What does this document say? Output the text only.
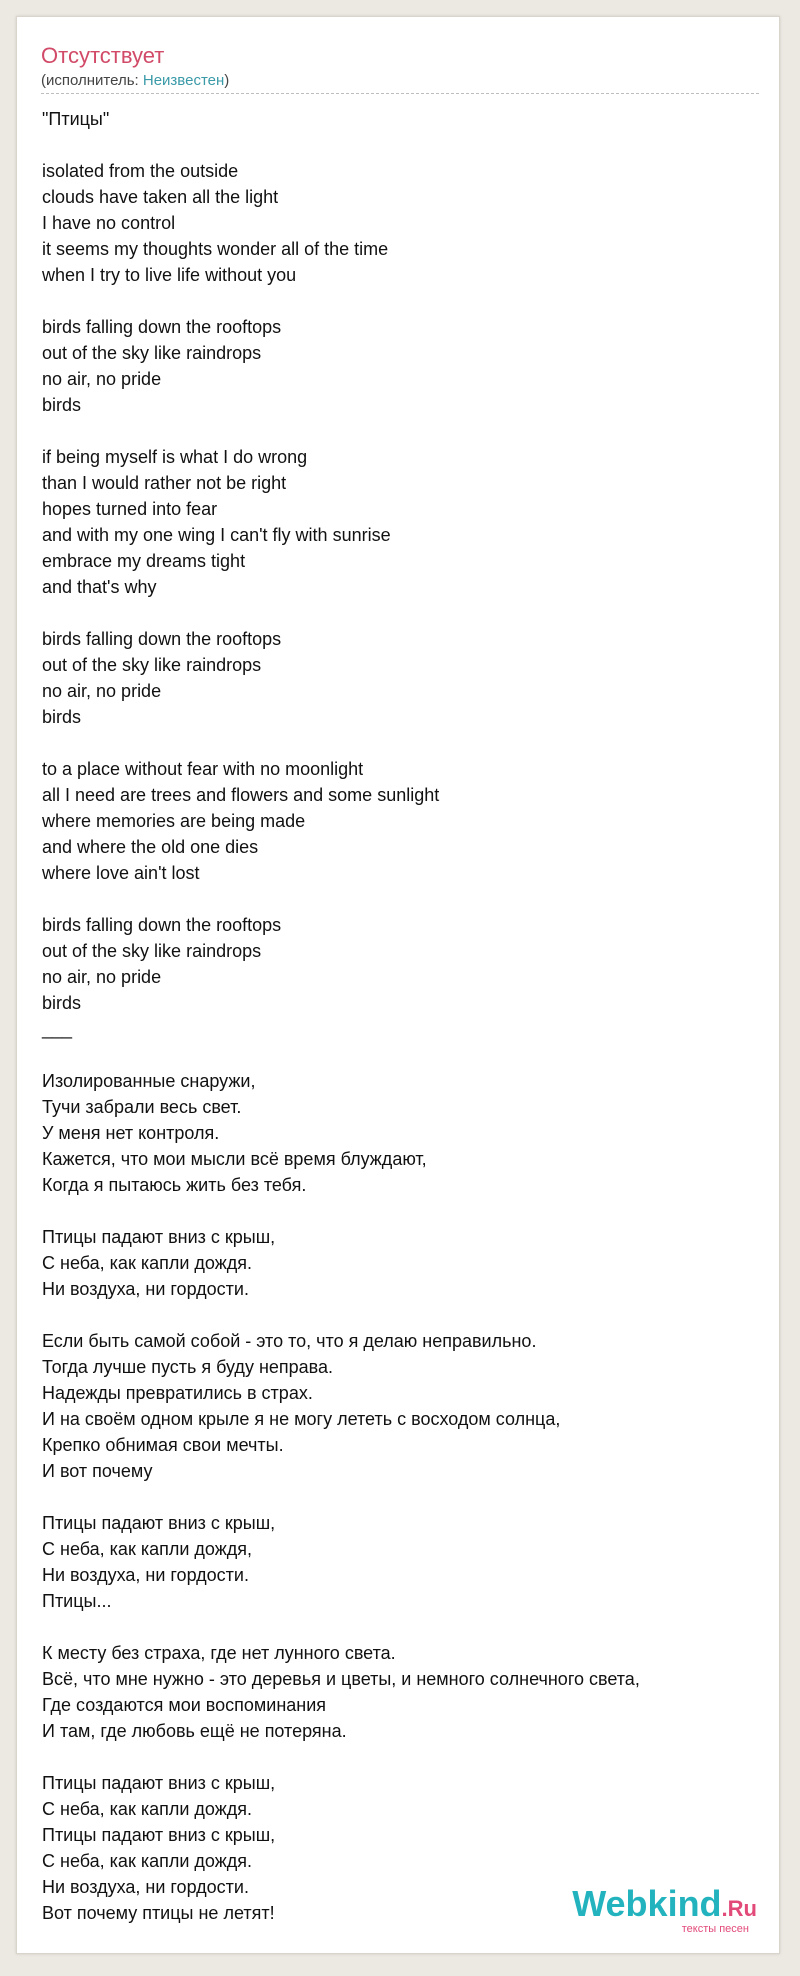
Отсутствует
(исполнитель: Неизвестен)
"Птицы"
isolated from the outside
clouds have taken all the light
I have no control
it seems my thoughts wonder all of the time
when I try to live life without you
birds falling down the rooftops
out of the sky like raindrops
no air, no pride
birds
if being myself is what I do wrong
than I would rather not be right
hopes turned into fear
and with my one wing I can't fly with sunrise
embrace my dreams tight
and that's why
birds falling down the rooftops
out of the sky like raindrops
no air, no pride
birds
to a place without fear with no moonlight
all I need are trees and flowers and some sunlight
where memories are being made
and where the old one dies
where love ain't lost
birds falling down the rooftops
out of the sky like raindrops
no air, no pride
birds
___
Изолированные снаружи,
Тучи забрали весь свет.
У меня нет контроля.
Кажется, что мои мысли всё время блуждают,
Когда я пытаюсь жить без тебя.
Птицы падают вниз с крыш,
С неба, как капли дождя.
Ни воздуха, ни гордости.
Если быть самой собой - это то, что я делаю неправильно.
Тогда лучше пусть я буду неправа.
Надежды превратились в страх.
И на своём одном крыле я не могу лететь с восходом солнца,
Крепко обнимая свои мечты.
И вот почему
Птицы падают вниз с крыш,
С неба, как капли дождя,
Ни воздуха, ни гордости.
Птицы...
К месту без страха, где нет лунного света.
Всё, что мне нужно - это деревья и цветы, и немного солнечного света,
Где создаются мои воспоминания
И там, где любовь ещё не потеряна.
Птицы падают вниз с крыш,
С неба, как капли дождя.
Птицы падают вниз с крыш,
С неба, как капли дождя.
Ни воздуха, ни гордости.
Вот почему птицы не летят!	Webkind.Ru
тексты песен
